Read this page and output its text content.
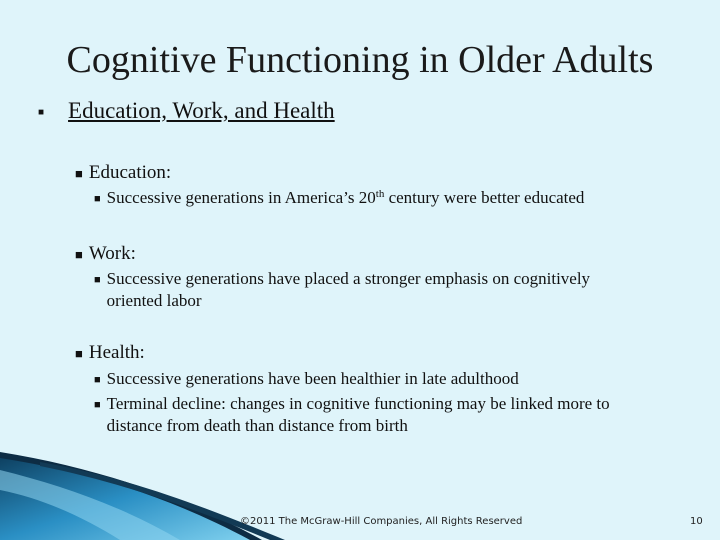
Cognitive Functioning in Older Adults
■ Education, Work, and Health
■ Education:
■ Successive generations in America’s 20th century were better educated
■ Work:
■ Successive generations have placed a stronger emphasis on cognitively oriented labor
■ Health:
■ Successive generations have been healthier in late adulthood
■ Terminal decline: changes in cognitive functioning may be linked more to distance from death than distance from birth
©2011 The McGraw-Hill Companies, All Rights Reserved	10
